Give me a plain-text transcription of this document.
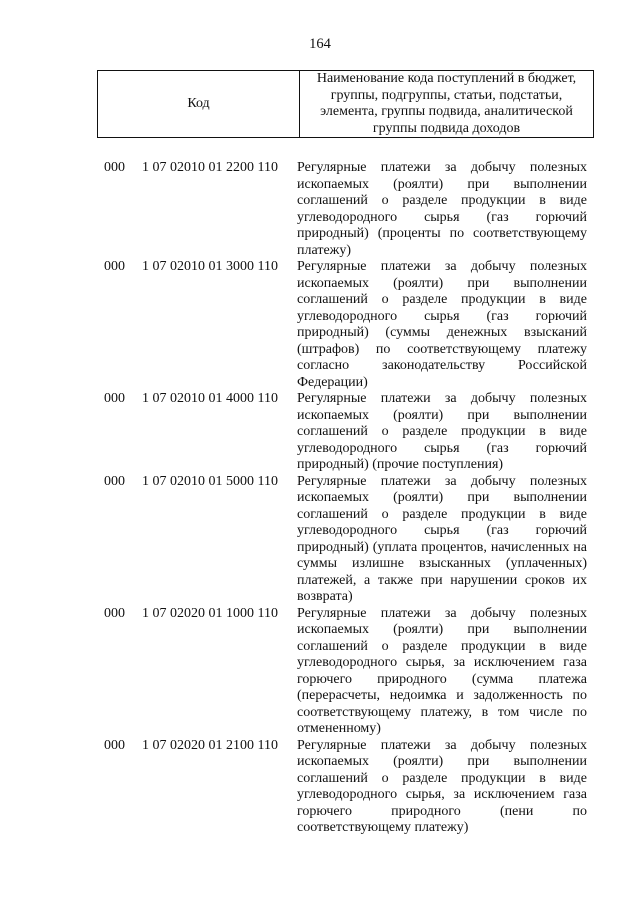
164
Код	Наименование кода поступлений в бюджет, группы, подгруппы, статьи, подстатьи, элемента, группы подвида, аналитической группы подвида доходов
000 1 07 02010 01 2200 110 Регулярные платежи за добычу полезных ископаемых (роялти) при выполнении соглашений о разделе продукции в виде углеводородного сырья (газ горючий природный) (проценты по соответствующему платежу)
000 1 07 02010 01 3000 110 Регулярные платежи за добычу полезных ископаемых (роялти) при выполнении соглашений о разделе продукции в виде углеводородного сырья (газ горючий природный) (суммы денежных взысканий (штрафов) по соответствующему платежу согласно законодательству Российской Федерации)
000 1 07 02010 01 4000 110 Регулярные платежи за добычу полезных ископаемых (роялти) при выполнении соглашений о разделе продукции в виде углеводородного сырья (газ горючий природный) (прочие поступления)
000 1 07 02010 01 5000 110 Регулярные платежи за добычу полезных ископаемых (роялти) при выполнении соглашений о разделе продукции в виде углеводородного сырья (газ горючий природный) (уплата процентов, начисленных на суммы излишне взысканных (уплаченных) платежей, а также при нарушении сроков их возврата)
000 1 07 02020 01 1000 110 Регулярные платежи за добычу полезных ископаемых (роялти) при выполнении соглашений о разделе продукции в виде углеводородного сырья, за исключением газа горючего природного (сумма платежа (перерасчеты, недоимка и задолженность по соответствующему платежу, в том числе по отмененному)
000 1 07 02020 01 2100 110 Регулярные платежи за добычу полезных ископаемых (роялти) при выполнении соглашений о разделе продукции в виде углеводородного сырья, за исключением газа горючего природного (пени по соответствующему платежу)
